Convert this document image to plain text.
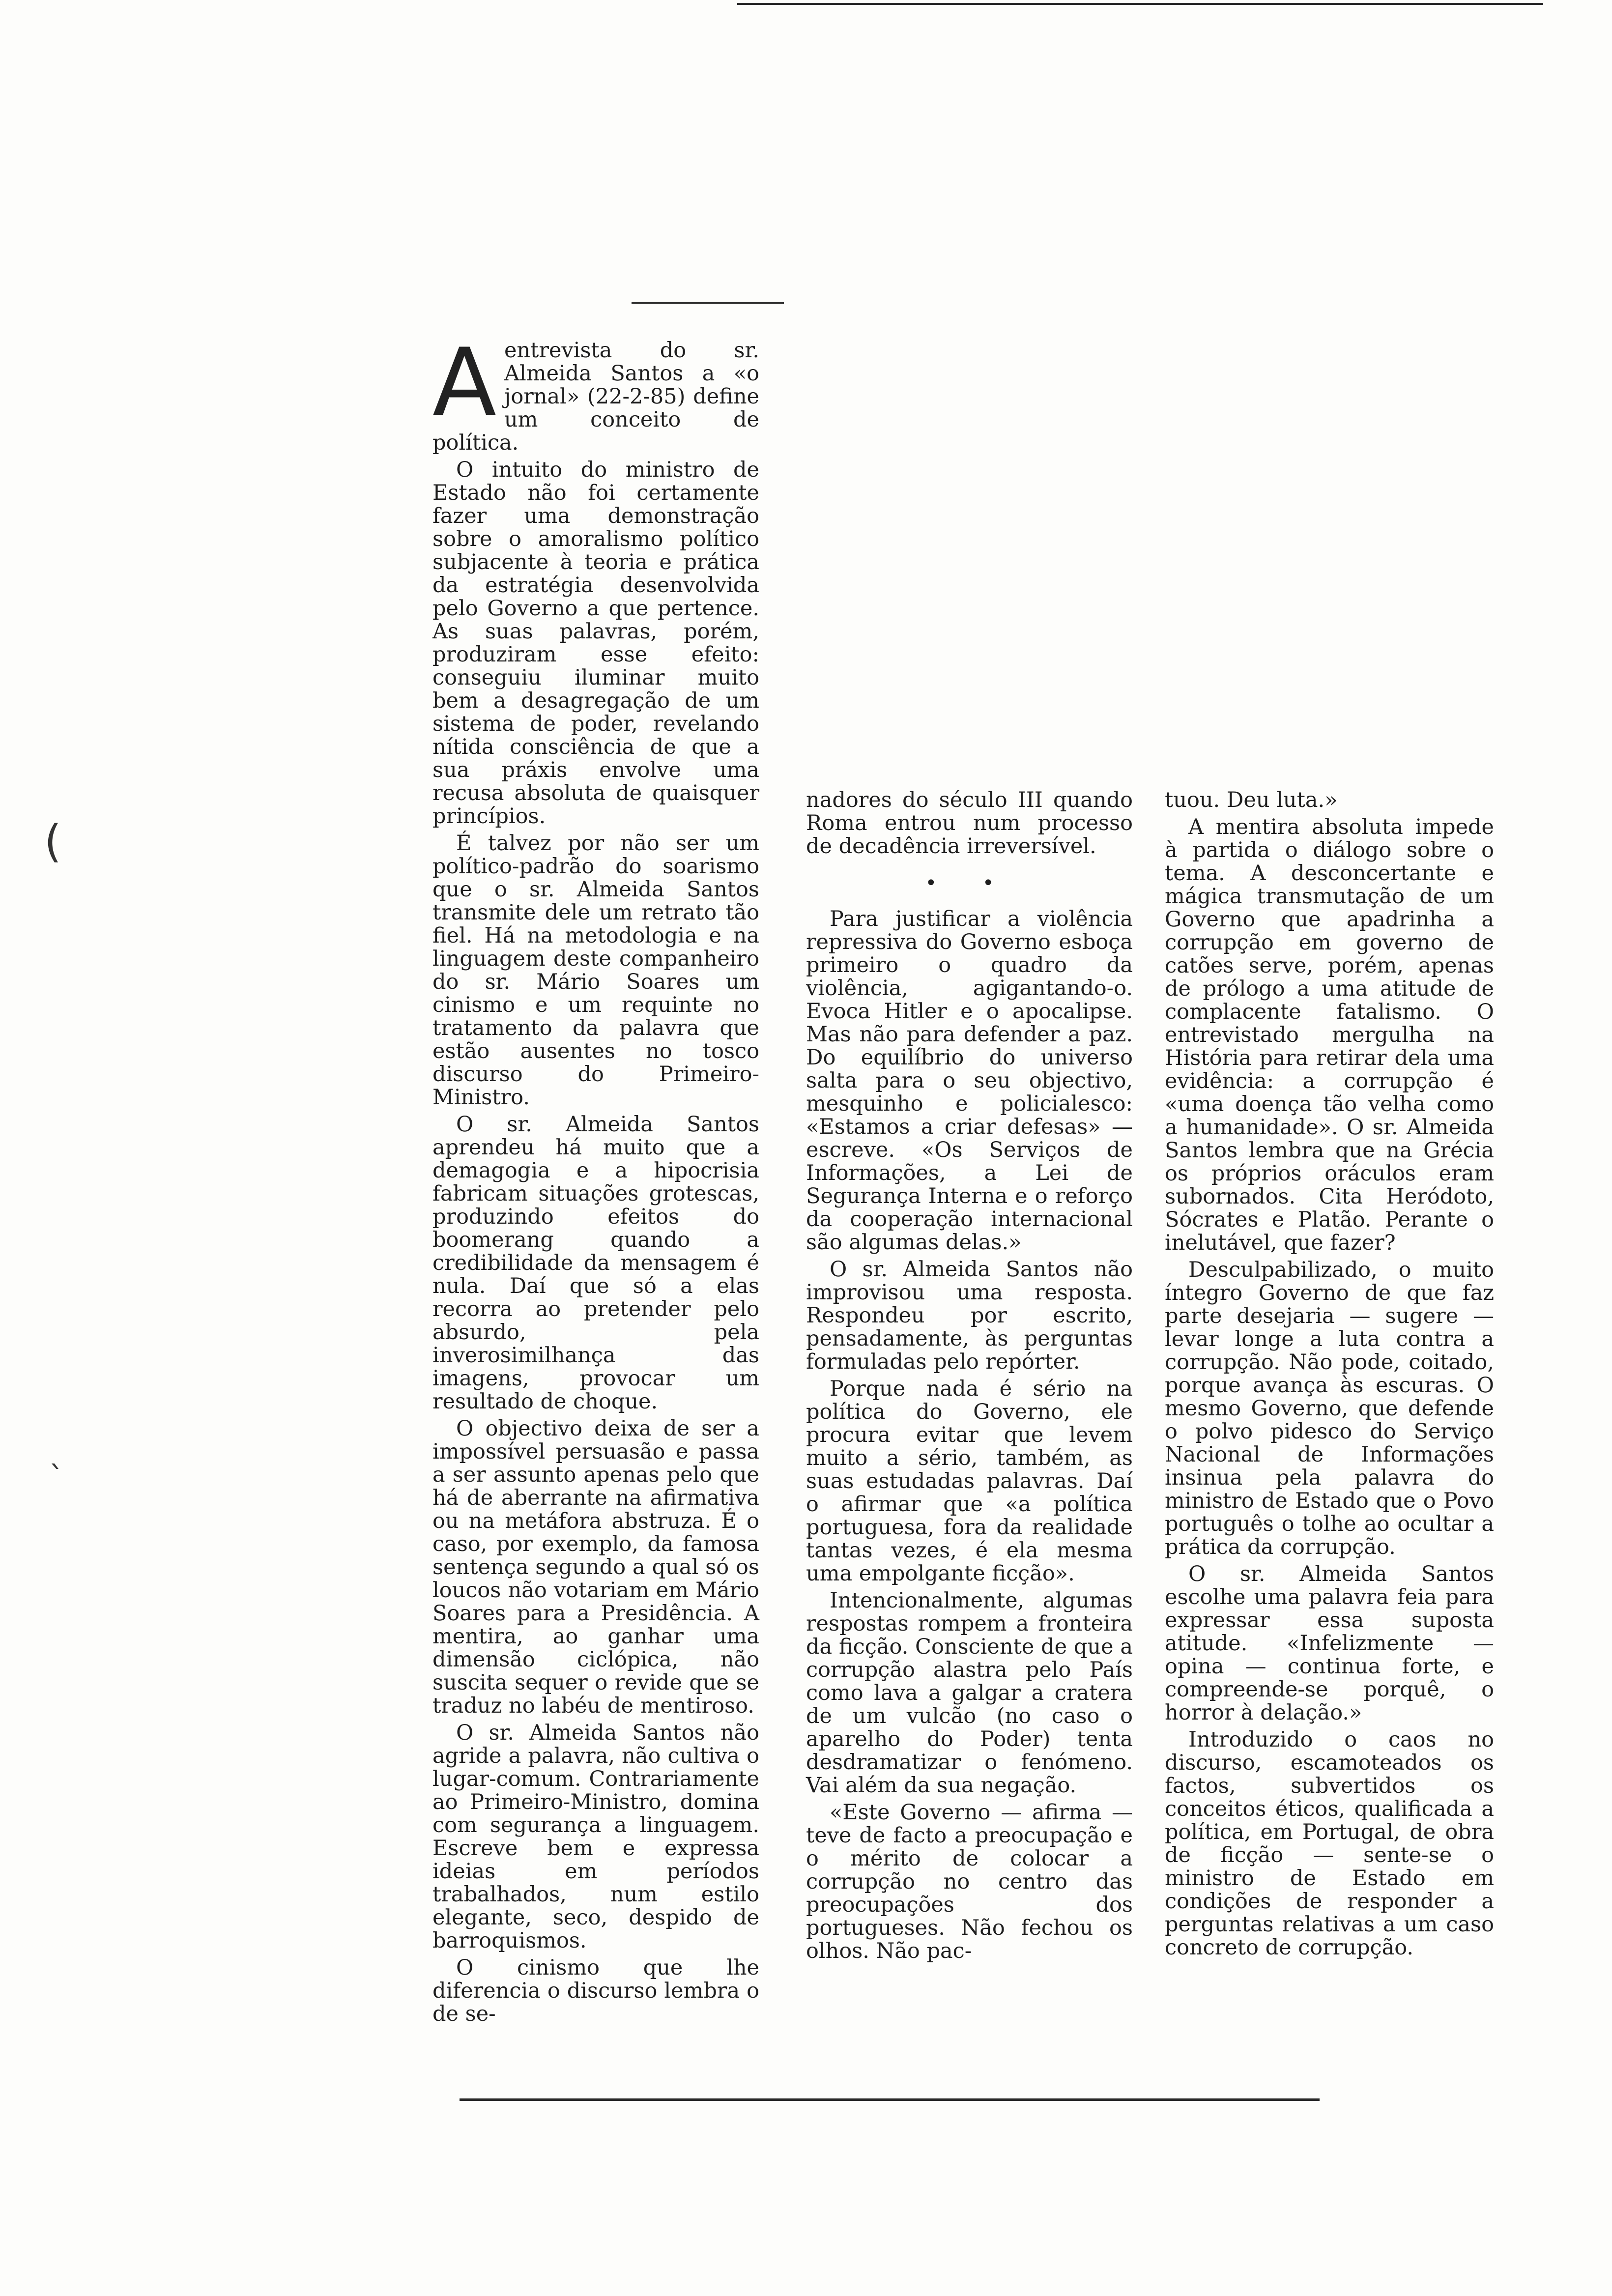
(
ˎ
A entrevista do sr. Almeida Santos a «o jornal» (22-2-85) define um conceito de política.

O intuito do ministro de Estado não foi certamente fazer uma demonstração sobre o amoralismo político subjacente à teoria e prática da estratégia desenvolvida pelo Governo a que pertence. As suas palavras, porém, produziram esse efeito: conseguiu iluminar muito bem a desagregação de um sistema de poder, revelando nítida consciência de que a sua práxis envolve uma recusa absoluta de quaisquer princípios.

É talvez por não ser um político-padrão do soarismo que o sr. Almeida Santos transmite dele um retrato tão fiel. Há na metodologia e na linguagem deste companheiro do sr. Mário Soares um cinismo e um requinte no tratamento da palavra que estão ausentes no tosco discurso do Primeiro-Ministro.

O sr. Almeida Santos aprendeu há muito que a demagogia e a hipocrisia fabricam situações grotescas, produzindo efeitos do boomerang quando a credibilidade da mensagem é nula. Daí que só a elas recorra ao pretender pelo absurdo, pela inverosimilhança das imagens, provocar um resultado de choque.

O objectivo deixa de ser a impossível persuasão e passa a ser assunto apenas pelo que há de aberrante na afirmativa ou na metáfora abstruza. É o caso, por exemplo, da famosa sentença segundo a qual só os loucos não votariam em Mário Soares para a Presidência. A mentira, ao ganhar uma dimensão ciclópica, não suscita sequer o revide que se traduz no labéu de mentiroso.

O sr. Almeida Santos não agride a palavra, não cultiva o lugar-comum. Contrariamente ao Primeiro-Ministro, domina com segurança a linguagem. Escreve bem e expressa ideias em períodos trabalhados, num estilo elegante, seco, despido de barroquismos.

O cinismo que lhe diferencia o discurso lembra o de se-

nadores do século III quando Roma entrou num processo de decadência irreversível.

• •

Para justificar a violência repressiva do Governo esboça primeiro o quadro da violência, agigantando-o. Evoca Hitler e o apocalipse. Mas não para defender a paz. Do equilíbrio do universo salta para o seu objectivo, mesquinho e policialesco: «Estamos a criar defesas» — escreve. «Os Serviços de Informações, a Lei de Segurança Interna e o reforço da cooperação internacional são algumas delas.»

O sr. Almeida Santos não improvisou uma resposta. Respondeu por escrito, pensadamente, às perguntas formuladas pelo repórter.

Porque nada é sério na política do Governo, ele procura evitar que levem muito a sério, também, as suas estudadas palavras. Daí o afirmar que «a política portuguesa, fora da realidade tantas vezes, é ela mesma uma empolgante ficção».

Intencionalmente, algumas respostas rompem a fronteira da ficção. Consciente de que a corrupção alastra pelo País como lava a galgar a cratera de um vulcão (no caso o aparelho do Poder) tenta desdramatizar o fenómeno. Vai além da sua negação.

«Este Governo — afirma — teve de facto a preocupação e o mérito de colocar a corrupção no centro das preocupações dos portugueses. Não fechou os olhos. Não pac-

tuou. Deu luta.»

A mentira absoluta impede à partida o diálogo sobre o tema. A desconcertante e mágica transmutação de um Governo que apadrinha a corrupção em governo de catões serve, porém, apenas de prólogo a uma atitude de complacente fatalismo. O entrevistado mergulha na História para retirar dela uma evidência: a corrupção é «uma doença tão velha como a humanidade». O sr. Almeida Santos lembra que na Grécia os próprios oráculos eram subornados. Cita Heródoto, Sócrates e Platão. Perante o inelutável, que fazer?

Desculpabilizado, o muito íntegro Governo de que faz parte desejaria — sugere — levar longe a luta contra a corrupção. Não pode, coitado, porque avança às escuras. O mesmo Governo, que defende o polvo pidesco do Serviço Nacional de Informações insinua pela palavra do ministro de Estado que o Povo português o tolhe ao ocultar a prática da corrupção.

O sr. Almeida Santos escolhe uma palavra feia para expressar essa suposta atitude. «Infelizmente — opina — continua forte, e compreende-se porquê, o horror à delação.»

Introduzido o caos no discurso, escamoteados os factos, subvertidos os conceitos éticos, qualificada a política, em Portugal, de obra de ficção — sente-se o ministro de Estado em condições de responder a perguntas relativas a um caso concreto de corrupção.
